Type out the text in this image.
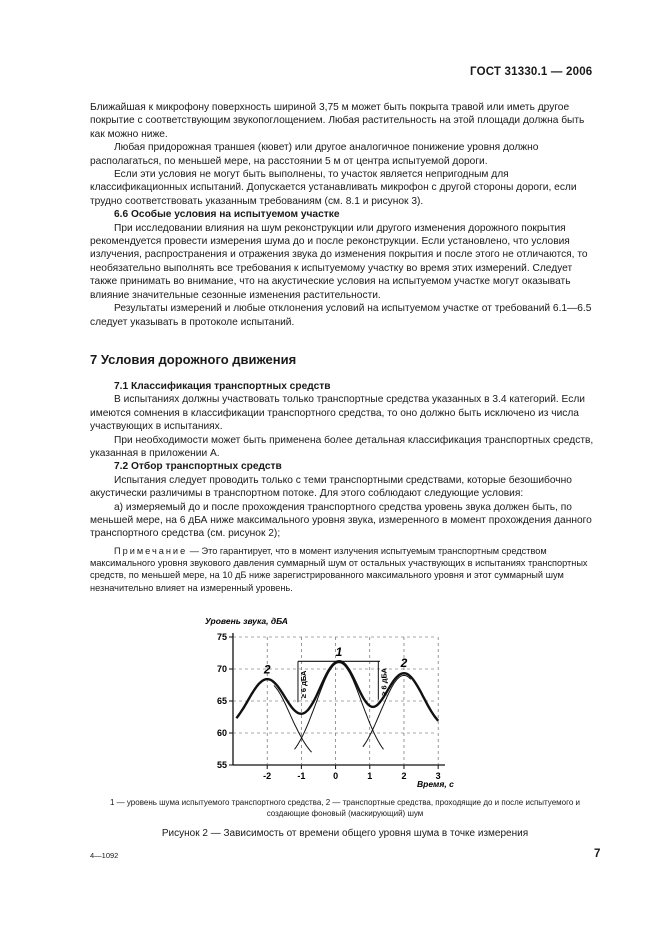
ГОСТ 31330.1 — 2006

Ближайшая к микрофону поверхность шириной 3,75 м может быть покрыта травой или иметь другое покрытие с соответствующим звукопоглощением. Любая растительность на этой площади должна быть как можно ниже.

Любая придорожная траншея (кювет) или другое аналогичное понижение уровня должно располагаться, по меньшей мере, на расстоянии 5 м от центра испытуемой дороги.

Если эти условия не могут быть выполнены, то участок является непригодным для классификационных испытаний. Допускается устанавливать микрофон с другой стороны дороги, если трудно соответствовать указанным требованиям (см. 8.1 и рисунок 3).

6.6 Особые условия на испытуемом участке

При исследовании влияния на шум реконструкции или другого изменения дорожного покрытия рекомендуется провести измерения шума до и после реконструкции. Если установлено, что условия излучения, распространения и отражения звука до изменения покрытия и после этого не отличаются, то необязательно выполнять все требования к испытуемому участку во время этих измерений. Следует также принимать во внимание, что на акустические условия на испытуемом участке могут оказывать влияние значительные сезонные изменения растительности.

Результаты измерений и любые отклонения условий на испытуемом участке от требований 6.1—6.5 следует указывать в протоколе испытаний.

7 Условия дорожного движения

7.1 Классификация транспортных средств

В испытаниях должны участвовать только транспортные средства указанных в 3.4 категорий. Если имеются сомнения в классификации транспортного средства, то оно должно быть исключено из числа участвующих в испытаниях.

При необходимости может быть применена более детальная классификация транспортных средств, указанная в приложении А.

7.2 Отбор транспортных средств

Испытания следует проводить только с теми транспортными средствами, которые безошибочно акустически различимы в транспортном потоке. Для этого соблюдают следующие условия:

а) измеряемый до и после прохождения транспортного средства уровень звука должен быть, по меньшей мере, на 6 дБА ниже максимального уровня звука, измеренного в момент прохождения данного транспортного средства (см. рисунок 2);

Примечание — Это гарантирует, что в момент излучения испытуемым транспортным средством максимального уровня звукового давления суммарный шум от остальных участвующих в испытаниях транспортных средств, по меньшей мере, на 10 дБ ниже зарегистрированного максимального уровня и этот суммарный шум незначительно влияет на измеренный уровень.

Уровень звука, дБА
75
70
65
60
55
-2	-1	0	1	2	3
≥ 6 дБА	≥ 6 дБА
2
1
2
Время, с
1 — уровень шума испытуемого транспортного средства, 2 — транспортные средства, проходящие до и после испытуемого и создающие фоновый (маскирующий) шум
Рисунок 2 — Зависимость от времени общего уровня шума в точке измерения
4—1092	7
